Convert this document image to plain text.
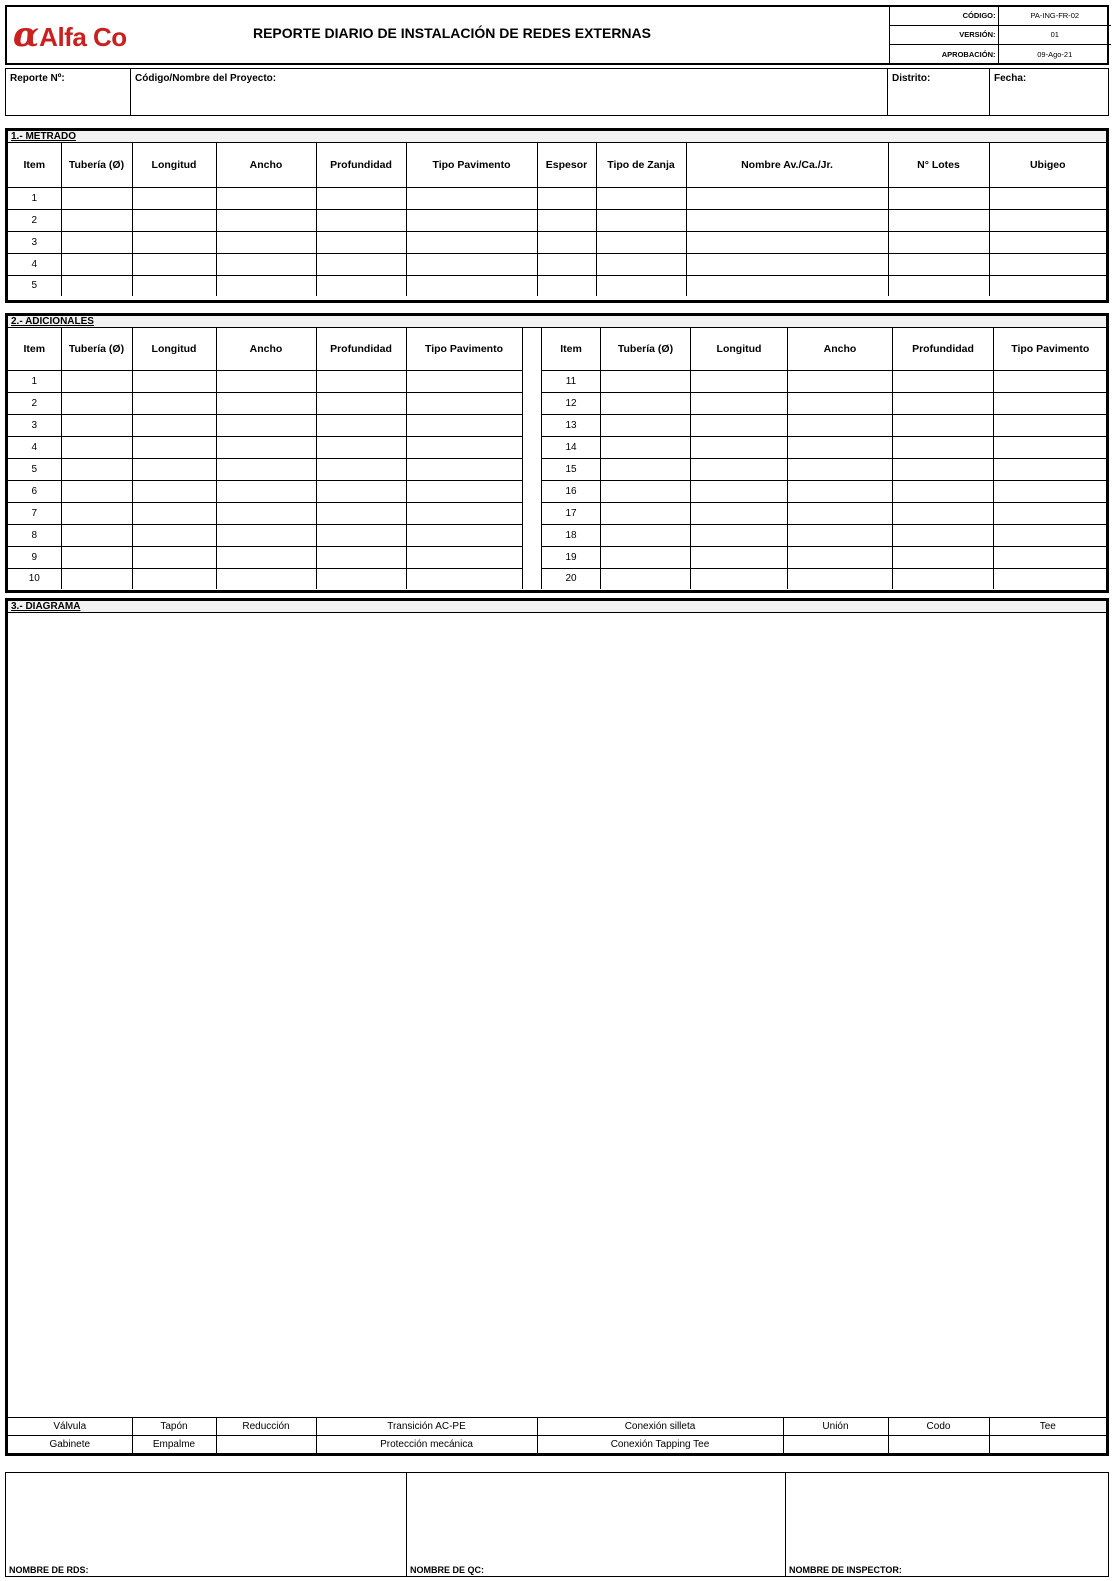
αAlfa Co	REPORTE DIARIO DE INSTALACIÓN DE REDES EXTERNAS
CÓDIGO:	PA-ING-FR-02
VERSIÓN:	01
APROBACIÓN:	09-Ago-21
Reporte Nº:	Código/Nombre del Proyecto:	Distrito:	Fecha:
1.- METRADO
Item	Tubería (Ø)	Longitud	Ancho	Profundidad	Tipo Pavimento	Espesor	Tipo de Zanja	Nombre Av./Ca./Jr.	N° Lotes	Ubigeo
1										
2										
3										
4										
5										
2.- ADICIONALES
Item	Tubería (Ø)	Longitud	Ancho	Profundidad	Tipo Pavimento
1					
2					
3					
4					
5					
6					
7					
8					
9					
10					
Item	Tubería (Ø)	Longitud	Ancho	Profundidad	Tipo Pavimento
11					
12					
13					
14					
15					
16					
17					
18					
19					
20					
3.- DIAGRAMA
Válvula	Tapón	Reducción	Transición AC-PE	Conexión silleta	Unión	Codo	Tee
Gabinete	Empalme		Protección mecánica	Conexión Tapping Tee			
NOMBRE DE RDS:	NOMBRE DE QC:	NOMBRE DE INSPECTOR:
